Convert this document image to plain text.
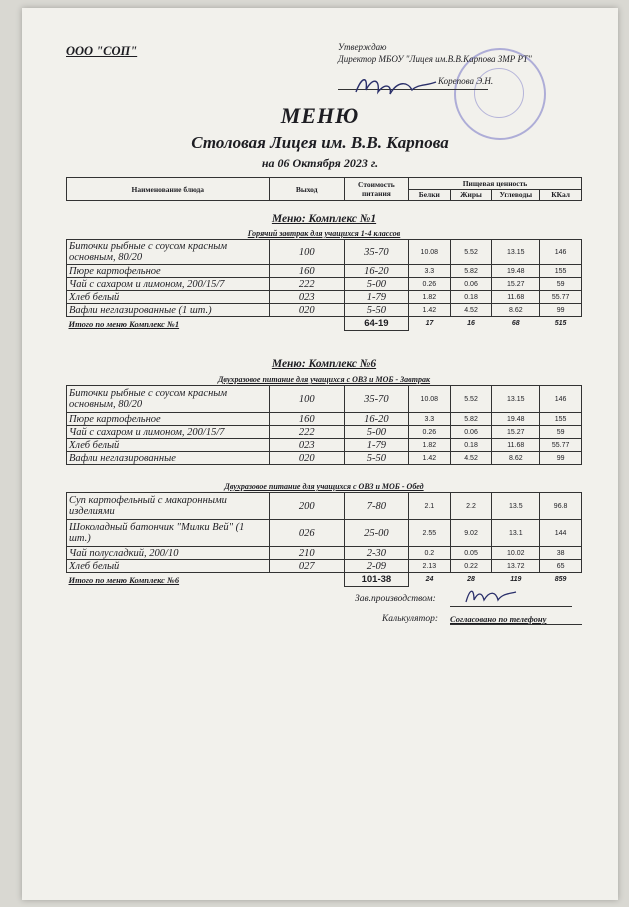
ООО "СОП"	Утверждаю
Директор МБОУ "Лицея им.В.В.Карпова ЗМР РТ"
Корепова Э.Н.
МЕНЮ
Столовая Лицея им. В.В. Карпова
на 06 Октября 2023 г.
Наименование блюда	Выход	Стоимость питания	Пищевая ценность			
			Белки	Жиры	Углеводы	ККал
Меню: Комплекс №1
Горячий завтрак для учащихся 1-4 классов
Биточки рыбные с соусом красным основным, 80/20	100	35-70	10.08	5.52	13.15	146
Пюре картофельное	160	16-20	3.3	5.82	19.48	155
Чай с сахаром и лимоном, 200/15/7	222	5-00	0.26	0.06	15.27	59
Хлеб белый	023	1-79	1.82	0.18	11.68	55.77
Вафли неглазированные (1 шт.)	020	5-50	1.42	4.52	8.62	99
Итого по меню Комплекс №1		64-19	17	16	68	515
Меню: Комплекс №6
Двухразовое питание для учащихся с ОВЗ и МОБ - Завтрак
Биточки рыбные с соусом красным основным, 80/20	100	35-70	10.08	5.52	13.15	146
Пюре картофельное	160	16-20	3.3	5.82	19.48	155
Чай с сахаром и лимоном, 200/15/7	222	5-00	0.26	0.06	15.27	59
Хлеб белый	023	1-79	1.82	0.18	11.68	55.77
Вафли неглазированные	020	5-50	1.42	4.52	8.62	99
Двухразовое питание для учащихся с ОВЗ и МОБ - Обед
Суп картофельный с макаронными изделиями	200	7-80	2.1	2.2	13.5	96.8
Шоколадный батончик "Милки Вей" (1 шт.)	026	25-00	2.55	9.02	13.1	144
Чай полусладкий, 200/10	210	2-30	0.2	0.05	10.02	38
Хлеб белый	027	2-09	2.13	0.22	13.72	65
Итого по меню Комплекс №6		101-38	24	28	119	859
Зав.производством:
Калькулятор: Согласовано по телефону
